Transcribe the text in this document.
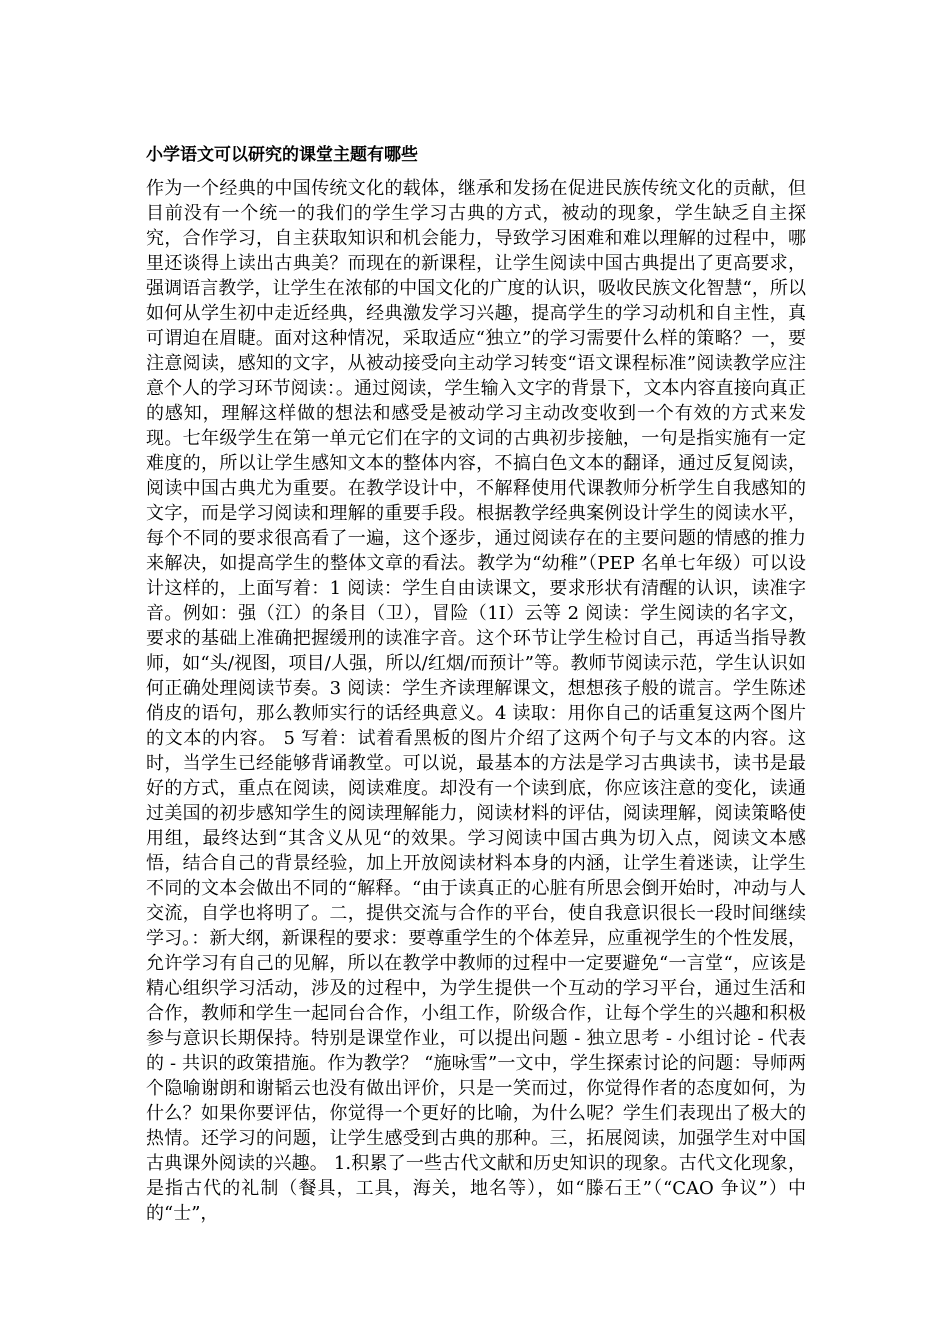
小学语文可以研究的课堂主题有哪些

作为一个经典的中国传统文化的载体，继承和发扬在促进民族传统文化的贡献，但目前没有一个统一的我们的学生学习古典的方式，被动的现象，学生缺乏自主探究，合作学习，自主获取知识和机会能力，导致学习困难和难以理解的过程中，哪里还谈得上读出古典美？而现在的新课程，让学生阅读中国古典提出了更高要求，强调语言教学，让学生在浓郁的中国文化的广度的认识，吸收民族文化智慧“，所以如何从学生初中走近经典，经典激发学习兴趣，提高学生的学习动机和自主性，真可谓迫在眉睫。面对这种情况，采取适应“独立”的学习需要什么样的策略？一，要注意阅读，感知的文字，从被动接受向主动学习转变“语文课程标准”阅读教学应注意个人的学习环节阅读：。通过阅读，学生输入文字的背景下，文本内容直接向真正的感知，理解这样做的想法和感受是被动学习主动改变收到一个有效的方式来发现。七年级学生在第一单元它们在字的文词的古典初步接触，一句是指实施有一定难度的，所以让学生感知文本的整体内容，不搞白色文本的翻译，通过反复阅读，阅读中国古典尤为重要。在教学设计中，不解释使用代课教师分析学生自我感知的文字，而是学习阅读和理解的重要手段。根据教学经典案例设计学生的阅读水平，每个不同的要求很高看了一遍，这个逐步，通过阅读存在的主要问题的情感的推力来解决，如提高学生的整体文章的看法。教学为“幼稚”（PEP 名单七年级）可以设计这样的，上面写着：1 阅读：学生自由读课文，要求形状有清醒的认识，读准字音。例如：强（江）的条目（卫），冒险（1I）云等 2 阅读：学生阅读的名字文，要求的基础上准确把握缓刑的读准字音。这个环节让学生检讨自己，再适当指导教师，如“头/视图，项目/人强，所以/红烟/而预计”等。教师节阅读示范，学生认识如何正确处理阅读节奏。3 阅读：学生齐读理解课文，想想孩子般的谎言。学生陈述俏皮的语句，那么教师实行的话经典意义。4 读取：用你自己的话重复这两个图片的文本的内容。 5 写着：试着看黑板的图片介绍了这两个句子与文本的内容。这时，当学生已经能够背诵教堂。可以说，最基本的方法是学习古典读书，读书是最好的方式，重点在阅读，阅读难度。却没有一个读到底，你应该注意的变化，读通过美国的初步感知学生的阅读理解能力，阅读材料的评估，阅读理解，阅读策略使用组，最终达到“其含义从见“的效果。学习阅读中国古典为切入点，阅读文本感悟，结合自己的背景经验，加上开放阅读材料本身的内涵，让学生着迷读，让学生不同的文本会做出不同的“解释。“由于读真正的心脏有所思会倒开始时，冲动与人交流，自学也将明了。二，提供交流与合作的平台，使自我意识很长一段时间继续学习。：新大纲，新课程的要求：要尊重学生的个体差异，应重视学生的个性发展，允许学习有自己的见解，所以在教学中教师的过程中一定要避免“一言堂“，应该是精心组织学习活动，涉及的过程中，为学生提供一个互动的学习平台，通过生活和合作，教师和学生一起同台合作，小组工作，阶级合作，让每个学生的兴趣和积极参与意识长期保持。特别是课堂作业，可以提出问题 - 独立思考 - 小组讨论 - 代表的 - 共识的政策措施。作为教学？ “施咏雪”一文中，学生探索讨论的问题：导师两个隐喻谢朗和谢韬云也没有做出评价，只是一笑而过，你觉得作者的态度如何，为什么？如果你要评估，你觉得一个更好的比喻，为什么呢？学生们表现出了极大的热情。还学习的问题，让学生感受到古典的那种。三，拓展阅读，加强学生对中国古典课外阅读的兴趣。 1.积累了一些古代文献和历史知识的现象。古代文化现象，是指古代的礼制（餐具，工具，海关，地名等），如“滕石王”（“CAO 争议”）中的“士”，
